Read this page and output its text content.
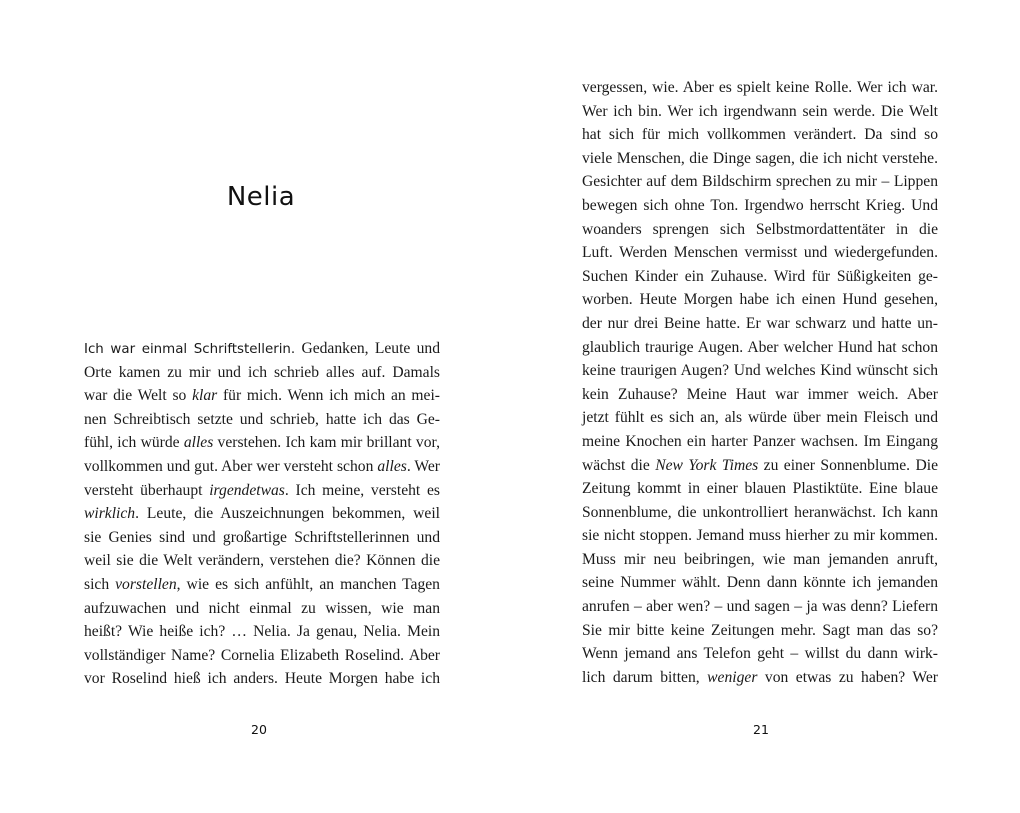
Nelia
Ich war einmal Schriftstellerin. Gedanken, Leute und
Orte kamen zu mir und ich schrieb alles auf. Damals
war die Welt so klar für mich. Wenn ich mich an mei-
nen Schreibtisch setzte und schrieb, hatte ich das Ge-
fühl, ich würde alles verstehen. Ich kam mir brillant vor,
vollkommen und gut. Aber wer versteht schon alles. Wer
versteht überhaupt irgendetwas. Ich meine, versteht es
wirklich. Leute, die Auszeichnungen bekommen, weil
sie Genies sind und großartige Schriftstellerinnen und
weil sie die Welt verändern, verstehen die? Können die
sich vorstellen, wie es sich anfühlt, an manchen Tagen
aufzuwachen und nicht einmal zu wissen, wie man
heißt? Wie heiße ich? … Nelia. Ja genau, Nelia. Mein
vollständiger Name? Cornelia Elizabeth Roselind. Aber
vor Roselind hieß ich anders. Heute Morgen habe ich
20
vergessen, wie. Aber es spielt keine Rolle. Wer ich war.
Wer ich bin. Wer ich irgendwann sein werde. Die Welt
hat sich für mich vollkommen verändert. Da sind so
viele Menschen, die Dinge sagen, die ich nicht verstehe.
Gesichter auf dem Bildschirm sprechen zu mir – Lippen
bewegen sich ohne Ton. Irgendwo herrscht Krieg. Und
woanders sprengen sich Selbstmordattentäter in die
Luft. Werden Menschen vermisst und wiedergefunden.
Suchen Kinder ein Zuhause. Wird für Süßigkeiten ge-
worben. Heute Morgen habe ich einen Hund gesehen,
der nur drei Beine hatte. Er war schwarz und hatte un-
glaublich traurige Augen. Aber welcher Hund hat schon
keine traurigen Augen? Und welches Kind wünscht sich
kein Zuhause? Meine Haut war immer weich. Aber
jetzt fühlt es sich an, als würde über mein Fleisch und
meine Knochen ein harter Panzer wachsen. Im Eingang
wächst die New York Times zu einer Sonnenblume. Die
Zeitung kommt in einer blauen Plastiktüte. Eine blaue
Sonnenblume, die unkontrolliert heranwächst. Ich kann
sie nicht stoppen. Jemand muss hierher zu mir kommen.
Muss mir neu beibringen, wie man jemanden anruft,
seine Nummer wählt. Denn dann könnte ich jemanden
anrufen – aber wen? – und sagen – ja was denn? Liefern
Sie mir bitte keine Zeitungen mehr. Sagt man das so?
Wenn jemand ans Telefon geht – willst du dann wirk-
lich darum bitten, weniger von etwas zu haben? Wer
21
